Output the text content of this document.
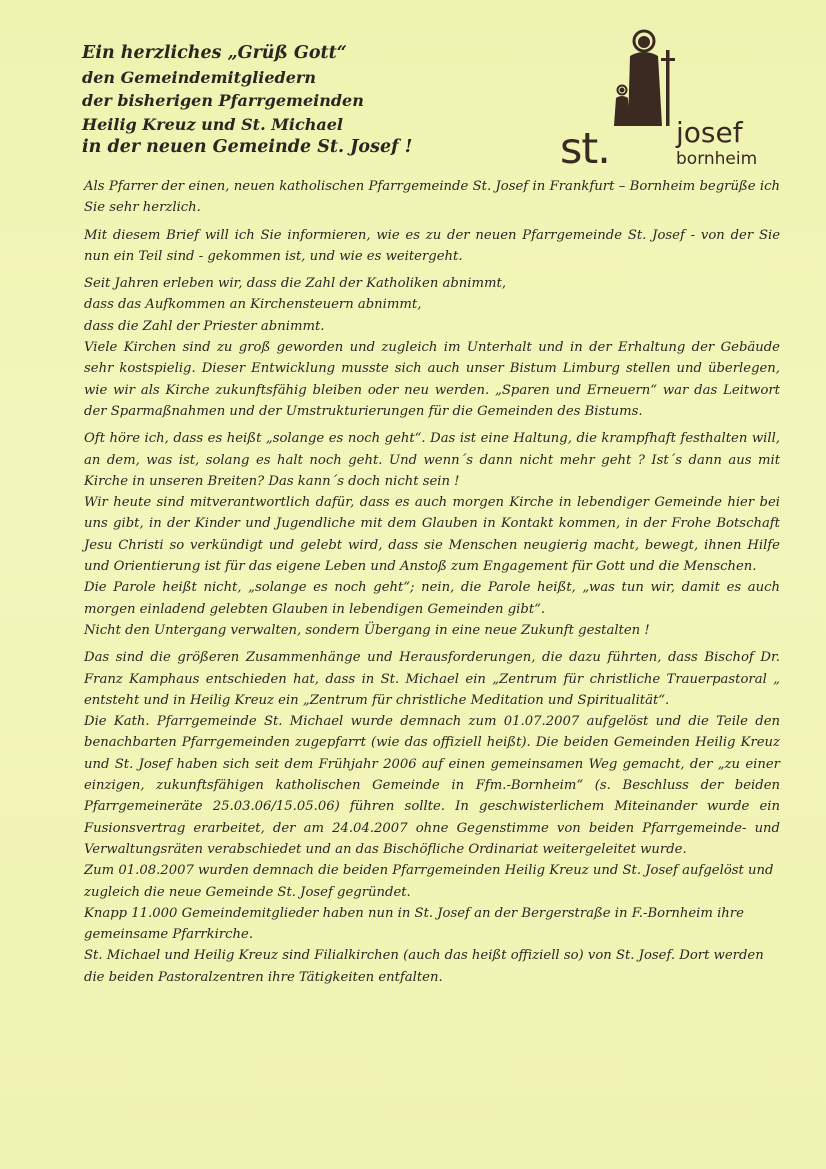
Ein herzliches „Grüß Gott“
den Gemeindemitgliedern
der bisherigen Pfarrgemeinden
Heilig Kreuz und St. Michael
in der neuen Gemeinde St. Josef !	st. josef
bornheim

Als Pfarrer der einen, neuen katholischen Pfarrgemeinde St. Josef in Frankfurt – Bornheim begrüße ich Sie sehr herzlich.

Mit diesem Brief will ich Sie informieren, wie es zu der neuen Pfarrgemeinde St. Josef - von der Sie nun ein Teil sind - gekommen ist, und wie es weitergeht.

Seit Jahren erleben wir, dass die Zahl der Katholiken abnimmt,

dass das Aufkommen an Kirchensteuern abnimmt,

dass die Zahl der Priester abnimmt.

Viele Kirchen sind zu groß geworden und zugleich im Unterhalt und in der Erhaltung der Gebäude sehr kostspielig. Dieser Entwicklung musste sich auch unser Bistum Limburg stellen und überlegen, wie wir als Kirche zukunftsfähig bleiben oder neu werden. „Sparen und Erneuern“ war das Leitwort der Sparmaßnahmen und der Umstrukturierungen für die Gemeinden des Bistums.

Oft höre ich, dass es heißt „solange es noch geht“. Das ist eine Haltung, die krampfhaft festhalten will, an dem, was ist, solang es halt noch geht. Und wenn´s dann nicht mehr geht ? Ist´s dann aus mit Kirche in unseren Breiten? Das kann´s doch nicht sein !

Wir heute sind mitverantwortlich dafür, dass es auch morgen Kirche in lebendiger Gemeinde hier bei uns gibt, in der Kinder und Jugendliche mit dem Glauben in Kontakt kommen, in der Frohe Botschaft Jesu Christi so verkündigt und gelebt wird, dass sie Menschen neugierig macht, bewegt, ihnen Hilfe und Orientierung ist für das eigene Leben und Anstoß zum Engagement für Gott und die Menschen.

Die Parole heißt nicht, „solange es noch geht“; nein, die Parole heißt, „was tun wir, damit es auch morgen einladend gelebten Glauben in lebendigen Gemeinden gibt“.

Nicht den Untergang verwalten, sondern Übergang in eine neue Zukunft gestalten !

Das sind die größeren Zusammenhänge und Herausforderungen, die dazu führten, dass Bischof Dr. Franz Kamphaus entschieden hat, dass in St. Michael ein „Zentrum für christliche Trauerpastoral „ entsteht und in Heilig Kreuz ein „Zentrum für christliche Meditation und Spiritualität“.

Die Kath. Pfarrgemeinde St. Michael wurde demnach zum 01.07.2007 aufgelöst und die Teile den benachbarten Pfarrgemeinden zugepfarrt (wie das offiziell heißt). Die beiden Gemeinden Heilig Kreuz und St. Josef haben sich seit dem Frühjahr 2006 auf einen gemeinsamen Weg gemacht, der „zu einer einzigen, zukunftsfähigen katholischen Gemeinde in Ffm.-Bornheim“ (s. Beschluss der beiden Pfarrgemeineräte 25.03.06/15.05.06) führen sollte. In geschwisterlichem Miteinander wurde ein Fusionsvertrag erarbeitet, der am 24.04.2007 ohne Gegenstimme von beiden Pfarrgemeinde- und Verwaltungsräten verabschiedet und an das Bischöfliche Ordinariat weitergeleitet wurde.

Zum 01.08.2007 wurden demnach die beiden Pfarrgemeinden Heilig Kreuz und St. Josef aufgelöst und zugleich die neue Gemeinde St. Josef gegründet.

Knapp 11.000 Gemeindemitglieder haben nun in St. Josef an der Bergerstraße in F.-Bornheim ihre gemeinsame Pfarrkirche.

St. Michael und Heilig Kreuz sind Filialkirchen (auch das heißt offiziell so) von St. Josef. Dort werden die beiden Pastoralzentren ihre Tätigkeiten entfalten.
